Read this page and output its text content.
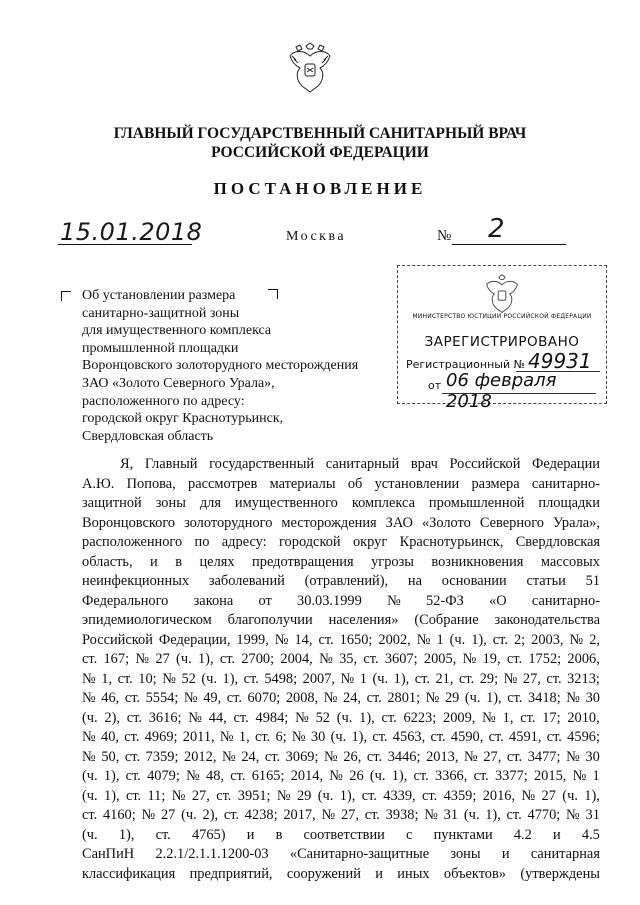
ГЛАВНЫЙ ГОСУДАРСТВЕННЫЙ САНИТАРНЫЙ ВРАЧ
РОССИЙСКОЙ ФЕДЕРАЦИИ
ПОСТАНОВЛЕНИЕ
15.01.2018	Москва	№ 2
Об установлении размера
санитарно-защитной зоны
для имущественного комплекса
промышленной площадки
Воронцовского золоторудного месторождения
ЗАО «Золото Северного Урала»,
расположенного по адресу:
городской округ Краснотурьинск,
Свердловская область
МИНИСТЕРСТВО ЮСТИЦИИ РОССИЙСКОЙ ФЕДЕРАЦИИ
ЗАРЕГИСТРИРОВАНО
Регистрационный № 49931
от 06 февраля 2018
Я, Главный государственный санитарный врач Российской Федерации
А.Ю. Попова, рассмотрев материалы об установлении размера санитарно-
защитной зоны для имущественного комплекса промышленной площадки
Воронцовского золоторудного месторождения ЗАО «Золото Северного Урала»,
расположенного по адресу: городской округ Краснотурьинск, Свердловская
область, и в целях предотвращения угрозы возникновения массовых
неинфекционных заболеваний (отравлений), на основании статьи 51
Федерального закона от 30.03.1999 № 52-ФЗ «О санитарно-
эпидемиологическом благополучии населения» (Собрание законодательства
Российской Федерации, 1999, № 14, ст. 1650; 2002, № 1 (ч. 1), ст. 2; 2003, № 2,
ст. 167; № 27 (ч. 1), ст. 2700; 2004, № 35, ст. 3607; 2005, № 19, ст. 1752; 2006,
№ 1, ст. 10; № 52 (ч. 1), ст. 5498; 2007, № 1 (ч. 1), ст. 21, ст. 29; № 27, ст. 3213;
№ 46, ст. 5554; № 49, ст. 6070; 2008, № 24, ст. 2801; № 29 (ч. 1), ст. 3418; № 30
(ч. 2), ст. 3616; № 44, ст. 4984; № 52 (ч. 1), ст. 6223; 2009, № 1, ст. 17; 2010,
№ 40, ст. 4969; 2011, № 1, ст. 6; № 30 (ч. 1), ст. 4563, ст. 4590, ст. 4591, ст. 4596;
№ 50, ст. 7359; 2012, № 24, ст. 3069; № 26, ст. 3446; 2013, № 27, ст. 3477; № 30
(ч. 1), ст. 4079; № 48, ст. 6165; 2014, № 26 (ч. 1), ст. 3366, ст. 3377; 2015, № 1
(ч. 1), ст. 11; № 27, ст. 3951; № 29 (ч. 1), ст. 4339, ст. 4359; 2016, № 27 (ч. 1),
ст. 4160; № 27 (ч. 2), ст. 4238; 2017, № 27, ст. 3938; № 31 (ч. 1), ст. 4770; № 31
(ч. 1), ст. 4765) и в соответствии с пунктами 4.2 и 4.5
СанПиН 2.2.1/2.1.1.1200-03 «Санитарно-защитные зоны и санитарная
классификация предприятий, сооружений и иных объектов» (утверждены
